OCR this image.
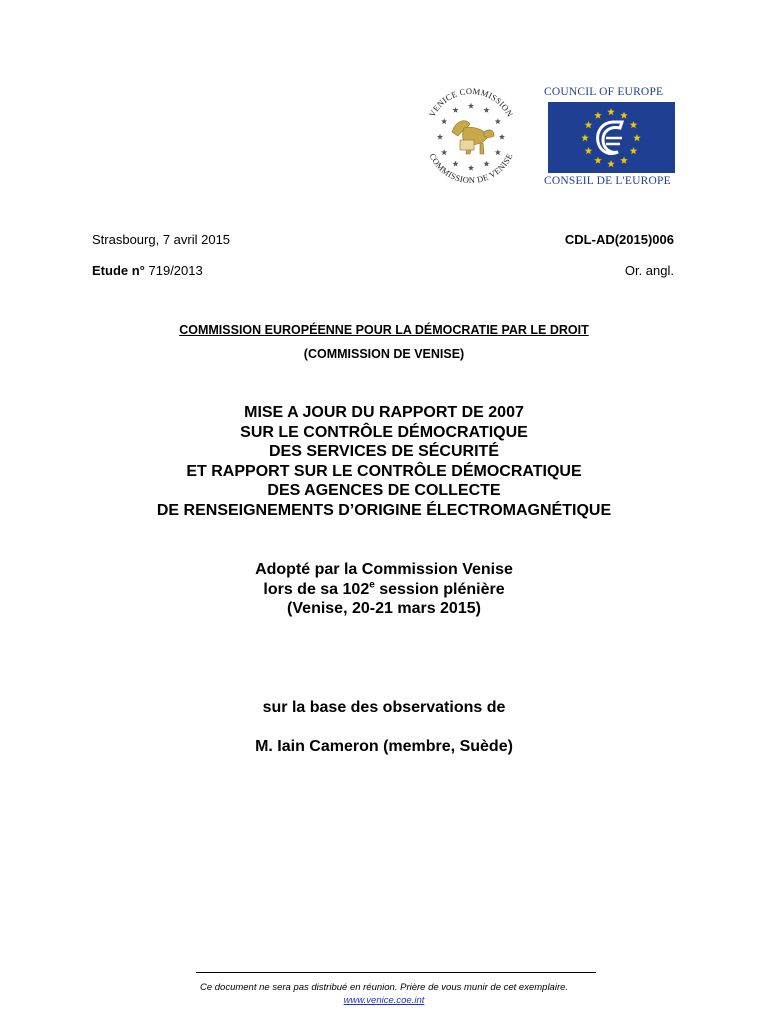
VENICE COMMISSION
COMMISSION DE VENISE
COUNCIL OF EUROPE
CONSEIL DE L'EUROPE
Strasbourg, 7 avril 2015	CDL-AD(2015)006
Etude n° 719/2013	Or. angl.
COMMISSION EUROPÉENNE POUR LA DÉMOCRATIE PAR LE DROIT
(COMMISSION DE VENISE)
MISE A JOUR DU RAPPORT DE 2007
SUR LE CONTRÔLE DÉMOCRATIQUE
DES SERVICES DE SÉCURITÉ
ET RAPPORT SUR LE CONTRÔLE DÉMOCRATIQUE
DES AGENCES DE COLLECTE
DE RENSEIGNEMENTS D’ORIGINE ÉLECTROMAGNÉTIQUE
Adopté par la Commission Venise
lors de sa 102e session plénière
(Venise, 20-21 mars 2015)
sur la base des observations de
M. Iain Cameron (membre, Suède)
Ce document ne sera pas distribué en réunion. Prière de vous munir de cet exemplaire.
www.venice.coe.int
